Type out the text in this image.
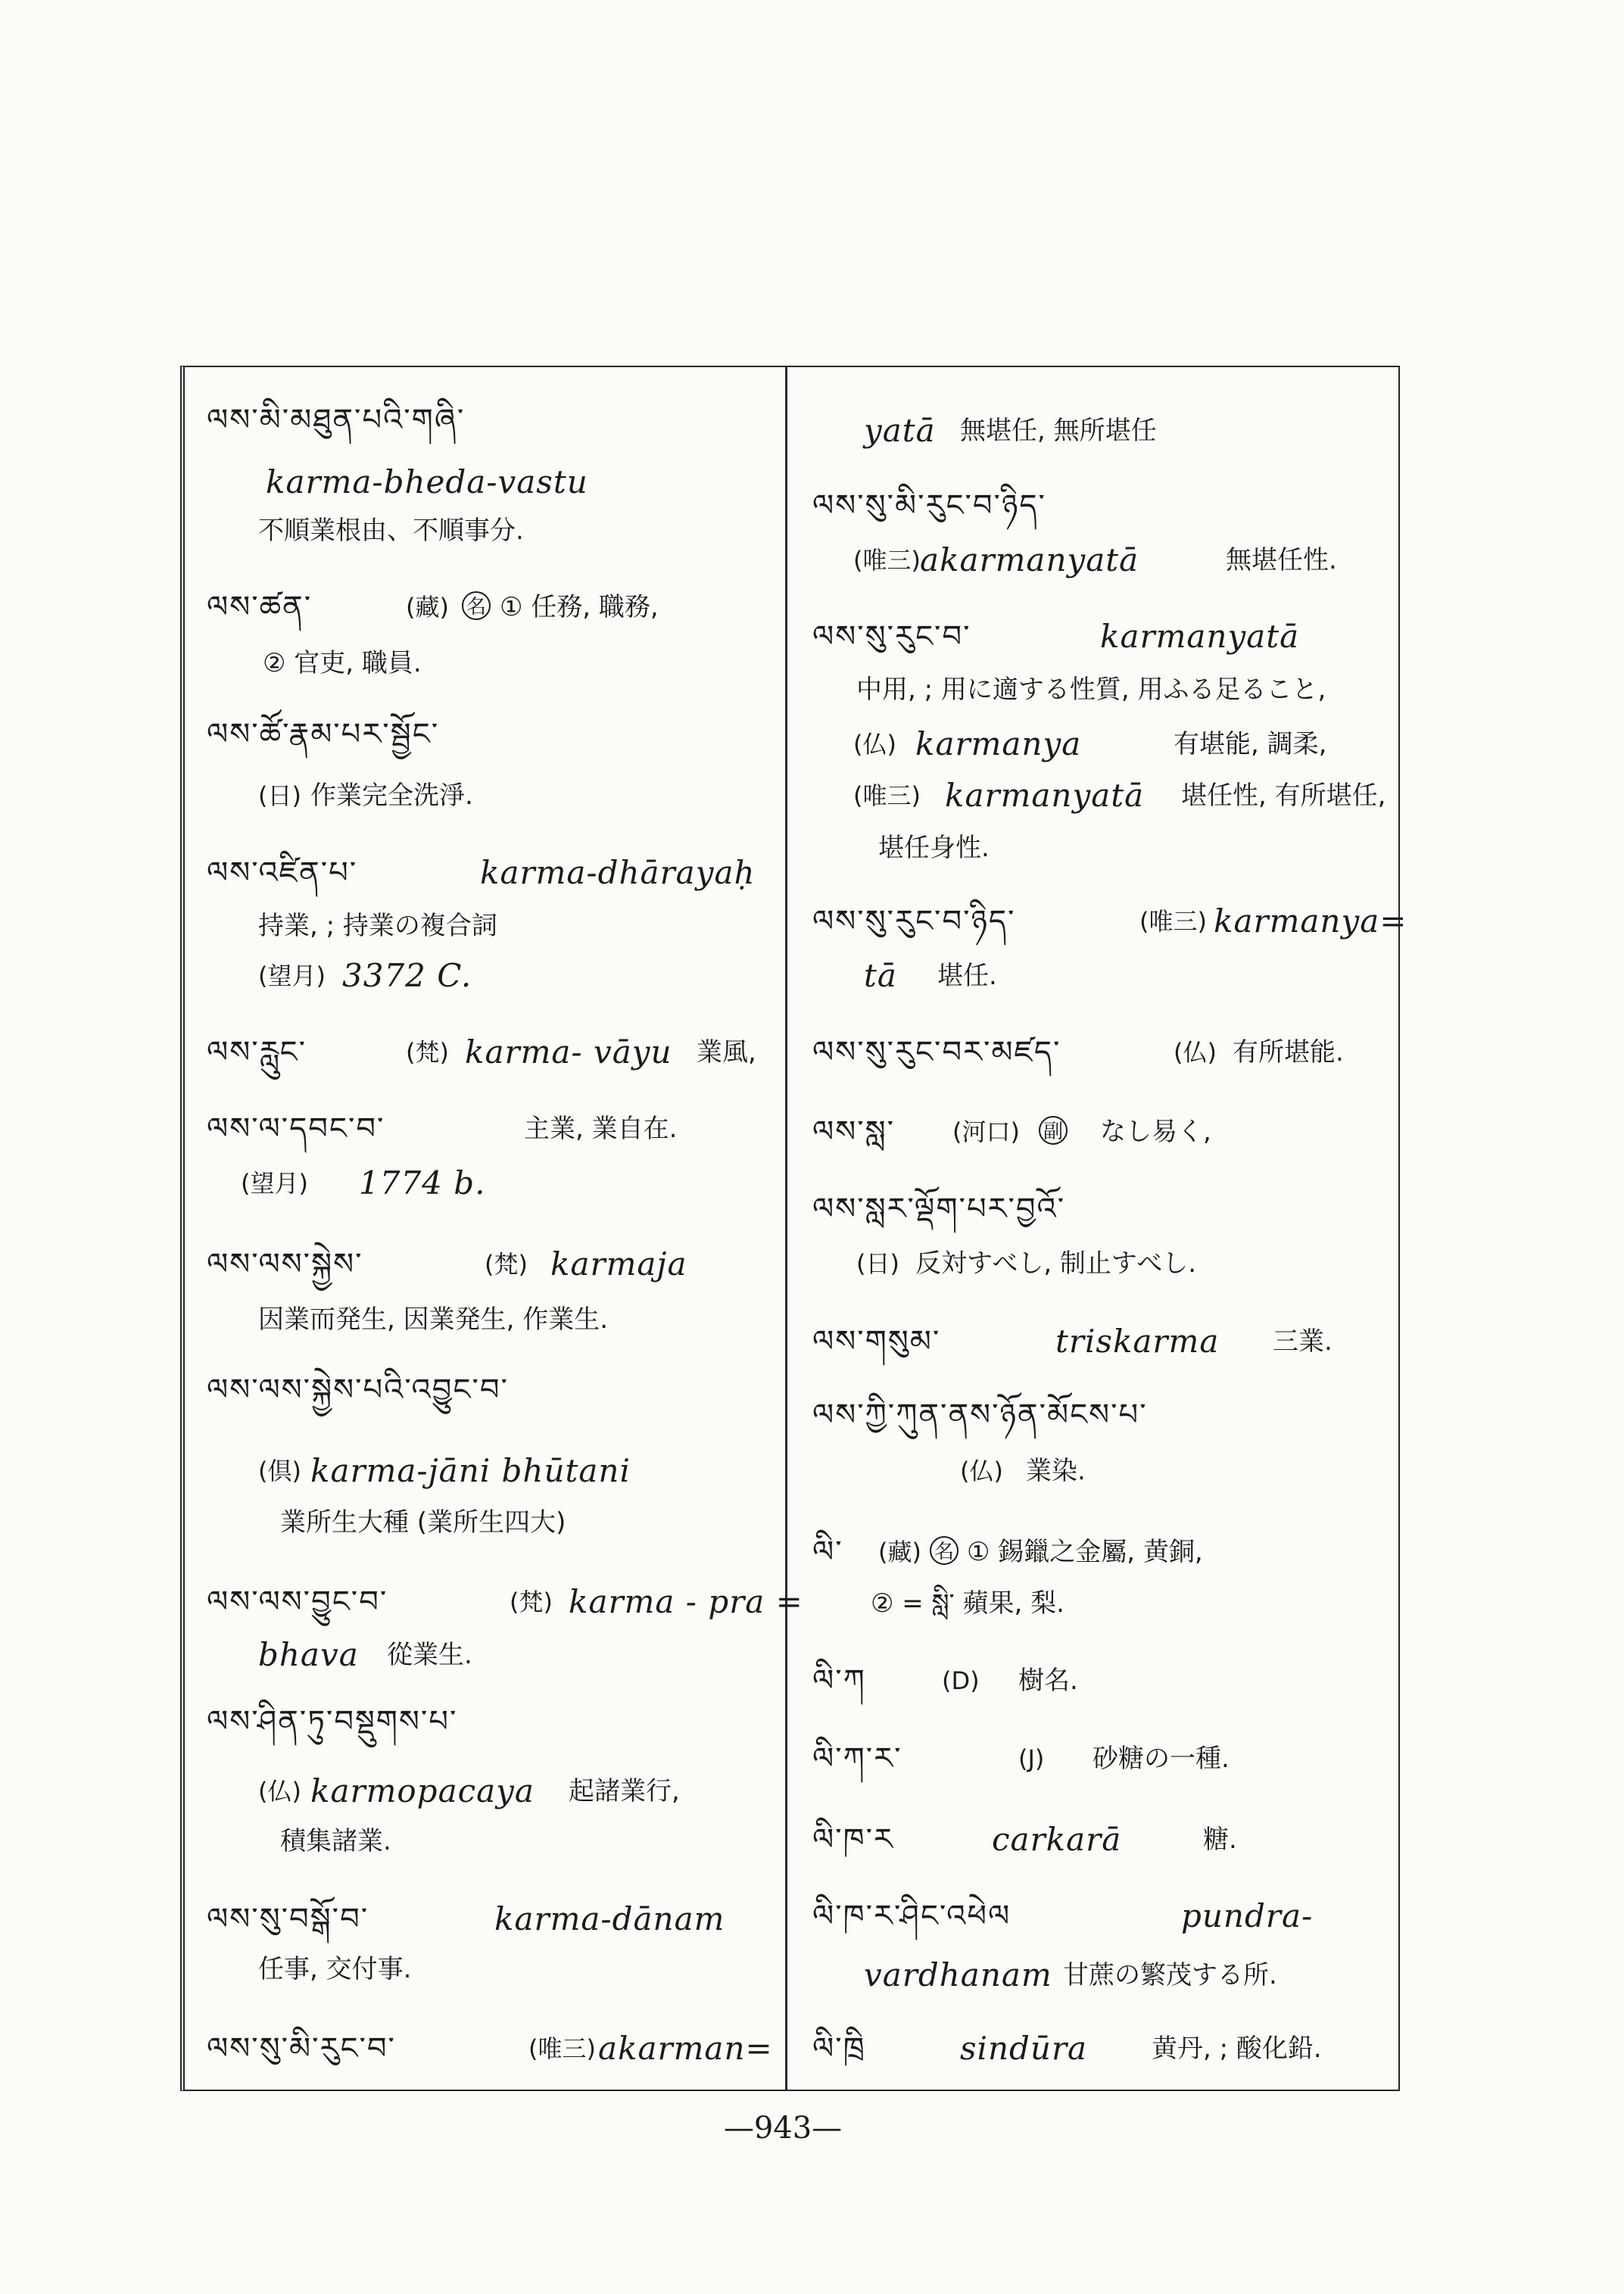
ལས་མི་མཐུན་པའི་གཞི་
karma-bheda-vastu
不順業根由、不順事分.
ལས་ཚན་	(藏) 名 ① 任務, 職務,
② 官吏, 職員.
ལས་ཚོ་རྣམ་པར་སྦྱོང་
(日) 作業完全洗淨.
ལས་འཛིན་པ་	karma-dhārayaḥ
持業, ; 持業の複合詞
(望月) 3372 C.
ལས་རླུང་	(梵) karma- vāyu 業風,
ལས་ལ་དབང་བ་	主業, 業自在.
(望月) 1774 b.
ལས་ལས་སྐྱེས་	(梵) karmaja
因業而発生, 因業発生, 作業生.
ལས་ལས་སྐྱེས་པའི་འབྱུང་བ་
(倶) karma-jāni bhūtani
業所生大種 (業所生四大)
ལས་ལས་བྱུང་བ་	(梵) karma - pra =
bhava 從業生.
ལས་ཤིན་ཏུ་བསྡུགས་པ་
(仏) karmopacaya 起諸業行,
積集諸業.
ལས་སུ་བསྒོ་བ་	karma-dānam
任事, 交付事.
ལས་སུ་མི་རུང་བ་	(唯三) akarman=
yatā 無堪任, 無所堪任
ལས་སུ་མི་རུང་བ་ཉིད་
(唯三) akarmanyatā	無堪任性.
ལས་སུ་རུང་བ་	karmanyatā
中用, ; 用に適する性質, 用ふる足ること,
(仏) karmanya	有堪能, 調柔,
(唯三) karmanyatā 堪任性, 有所堪任,
堪任身性.
ལས་སུ་རུང་བ་ཉིད་	(唯三) karmanya=
tā 堪任.
ལས་སུ་རུང་བར་མཛད་	(仏) 有所堪能.
ལས་སླ་ (河口) 副 なし易く,
ལས་སླར་ལྡོག་པར་བྱའོ་
(日) 反対すべし, 制止すべし.
ལས་གསུམ་	triskarma 三業.
ལས་ཀྱི་ཀུན་ནས་ཉོན་མོངས་པ་
(仏) 業染.
ལི་ (藏) 名 ① 錫鑞之金屬, 黄銅,
② = སླི་ 蘋果, 梨.
ལི་ཀ	(D) 樹名.
ལི་ཀ་ར་	(J) 砂糖の一種.
ལི་ཁ་ར	carkarā	糖.
ལི་ཁ་ར་ཤིང་འཕེལ	pundra-
vardhanam 甘蔗の繁茂する所.
ལི་ཁྲི	sindūra 黄丹, ; 酸化鉛.
—943—
